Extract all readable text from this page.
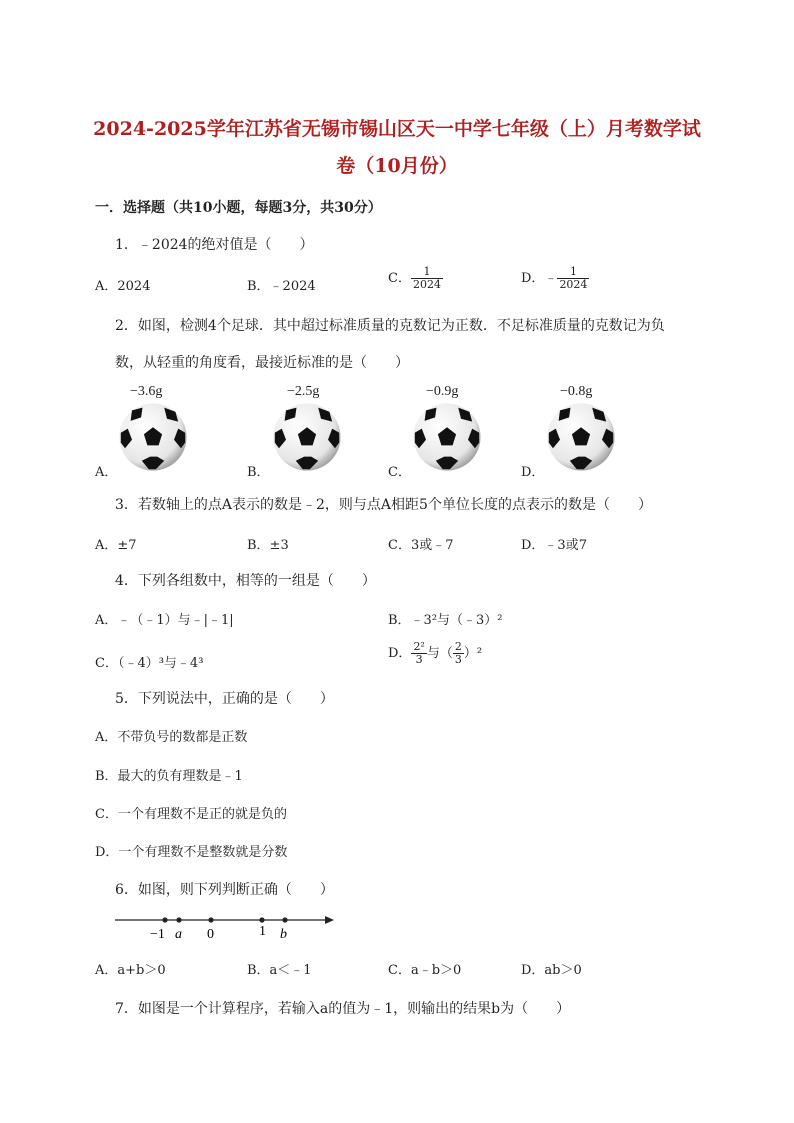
2024-2025学年江苏省无锡市锡山区天一中学七年级（上）月考数学试
卷（10月份）
一．选择题（共10小题，每题3分，共30分）
1．﹣2024的绝对值是（　　）
A．2024	B．﹣2024
C． $\frac{1}{2024}$	D．﹣ $\frac{1}{2024}$
2．如图，检测4个足球．其中超过标准质量的克数记为正数．不足标准质量的克数记为负
数，从轻重的角度看，最接近标准的是（　　）
−3.6g	−2.5g	−0.9g	−0.8g
A．	B．	C．	D．
3．若数轴上的点A表示的数是﹣2，则与点A相距5个单位长度的点表示的数是（　　）
A．±7	B．±3	C．3或﹣7	D．﹣3或7
4．下列各组数中，相等的一组是（　　）
A．﹣（﹣1）与﹣|﹣1|	B．﹣3²与（﹣3）²
C．（﹣4）³与﹣4³
D． $\frac{\text{2²}}{3}$ 与（ $\frac{2}{3} )^2$
5．下列说法中，正确的是（　　）
A．不带负号的数都是正数
B．最大的负有理数是﹣1
C．一个有理数不是正的就是负的
D．一个有理数不是整数就是分数
6．如图，则下列判断正确（　　）
−1 a 0	1 b
A．a+b＞0	B．a＜﹣1	C．a﹣b＞0	D．ab＞0
7．如图是一个计算程序，若输入a的值为﹣1，则输出的结果b为（　　）
